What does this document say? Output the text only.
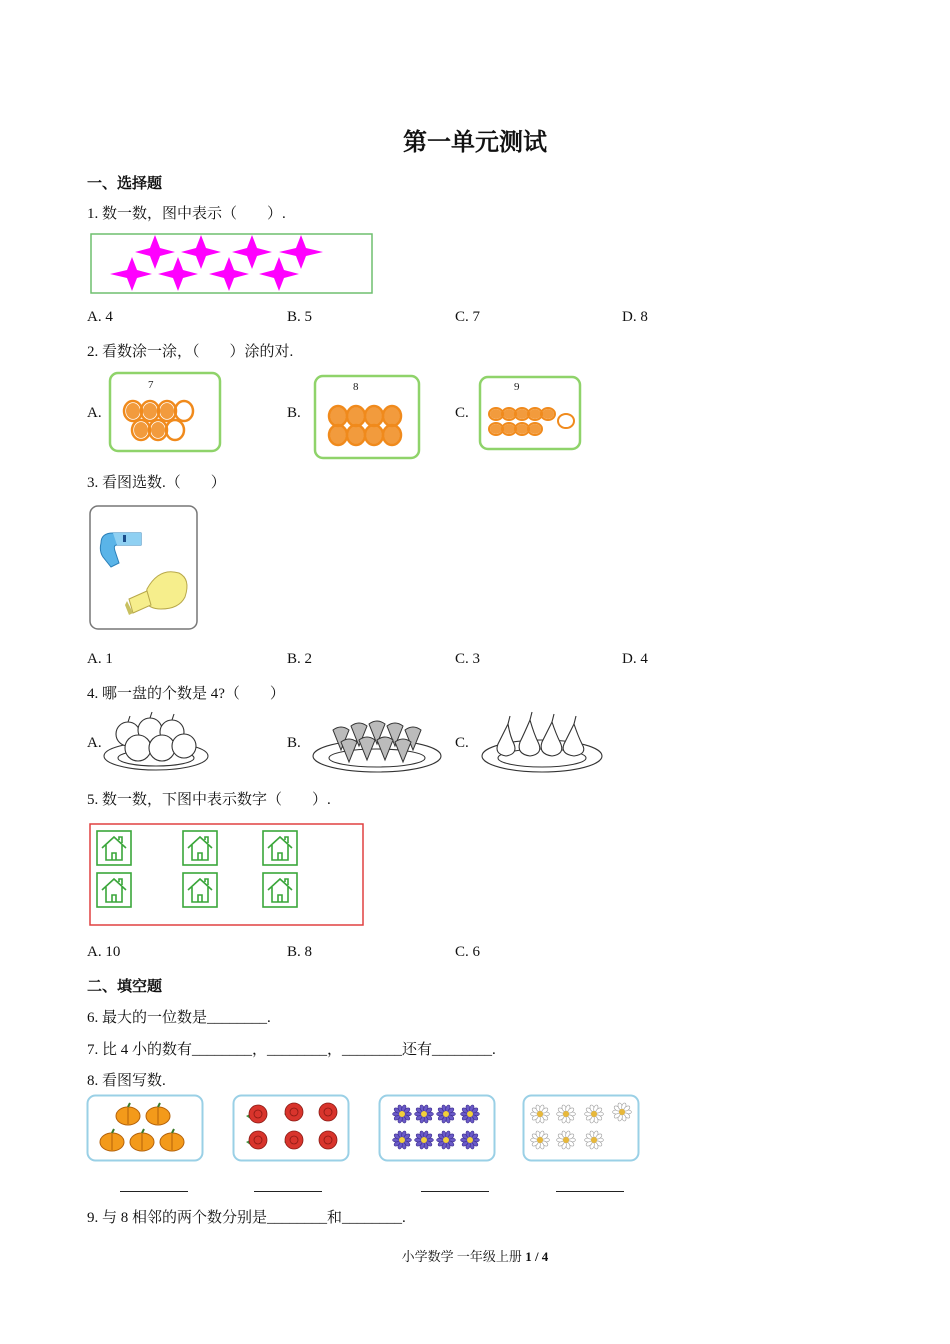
第一单元测试
一、选择题
1. 数一数，图中表示（　　）.
A. 4	B. 5	C. 7	D. 8
2. 看数涂一涂，（　　）涂的对.
A.
7
B.
8
C.
9
3. 看图选数.（　　）
A. 1	B. 2	C. 3	D. 4
4. 哪一盘的个数是 4?（　　）
A.	B.	C.
5. 数一数，下图中表示数字（　　）.
A. 10	B. 8	C. 6
二、填空题
6. 最大的一位数是________.
7. 比 4 小的数有________，________，________还有________.
8. 看图写数.
9. 与 8 相邻的两个数分别是________和________.
小学数学 一年级上册 1 / 4
